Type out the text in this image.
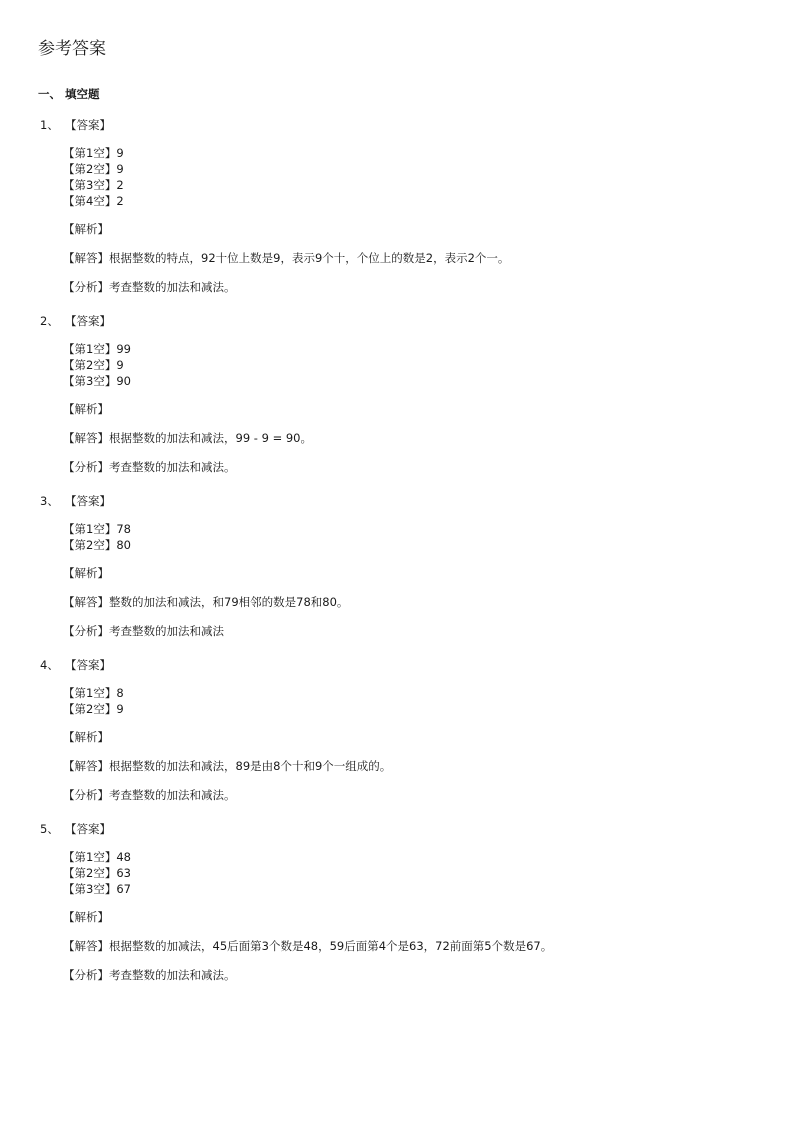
参考答案
一、 填空题
1、 【答案】
【第1空】9
【第2空】9
【第3空】2
【第4空】2
【解析】
【解答】根据整数的特点，92十位上数是9，表示9个十，个位上的数是2，表示2个一。
【分析】考查整数的加法和减法。
2、 【答案】
【第1空】99
【第2空】9
【第3空】90
【解析】
【解答】根据整数的加法和减法，99 - 9 = 90。
【分析】考查整数的加法和减法。
3、 【答案】
【第1空】78
【第2空】80
【解析】
【解答】整数的加法和减法，和79相邻的数是78和80。
【分析】考查整数的加法和减法
4、 【答案】
【第1空】8
【第2空】9
【解析】
【解答】根据整数的加法和减法，89是由8个十和9个一组成的。
【分析】考查整数的加法和减法。
5、 【答案】
【第1空】48
【第2空】63
【第3空】67
【解析】
【解答】根据整数的加减法，45后面第3个数是48，59后面第4个是63，72前面第5个数是67。
【分析】考查整数的加法和减法。
